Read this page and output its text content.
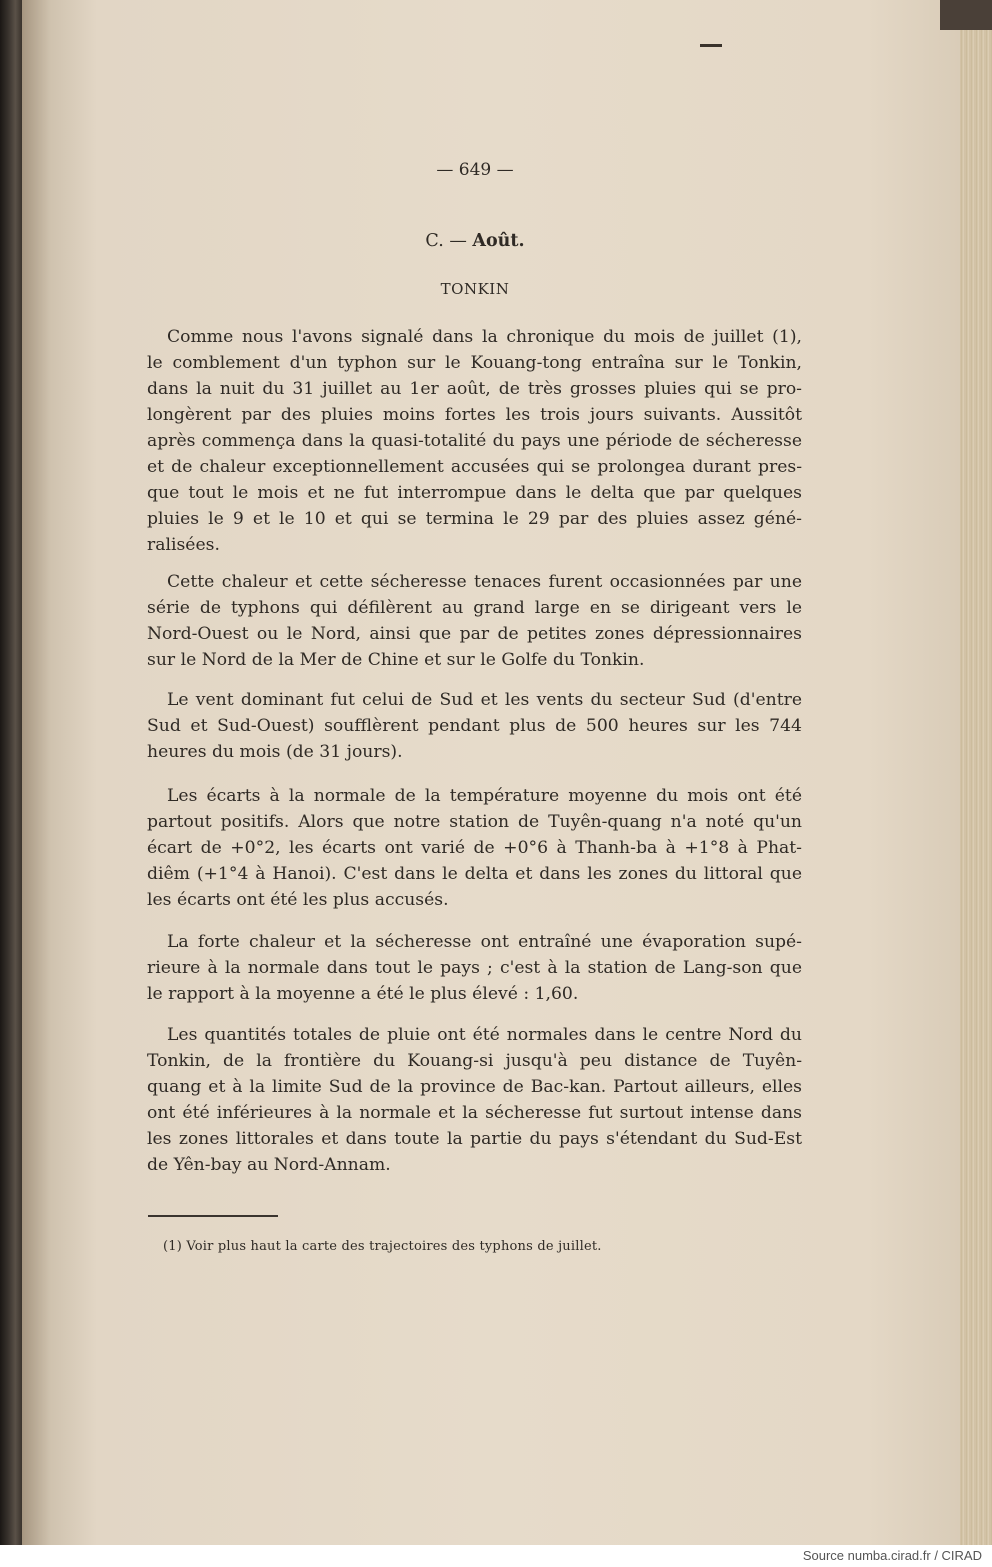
— 649 —
C. — Août.
TONKIN
Comme nous l'avons signalé dans la chronique du mois de juillet (1),
le comblement d'un typhon sur le Kouang-tong entraîna sur le Tonkin,
dans la nuit du 31 juillet au 1er août, de très grosses pluies qui se pro-
longèrent par des pluies moins fortes les trois jours suivants. Aussitôt
après commença dans la quasi-totalité du pays une période de sécheresse
et de chaleur exceptionnellement accusées qui se prolongea durant pres-
que tout le mois et ne fut interrompue dans le delta que par quelques
pluies le 9 et le 10 et qui se termina le 29 par des pluies assez géné-
ralisées.
Cette chaleur et cette sécheresse tenaces furent occasionnées par une
série de typhons qui défilèrent au grand large en se dirigeant vers le
Nord-Ouest ou le Nord, ainsi que par de petites zones dépressionnaires
sur le Nord de la Mer de Chine et sur le Golfe du Tonkin.
Le vent dominant fut celui de Sud et les vents du secteur Sud (d'entre
Sud et Sud-Ouest) soufflèrent pendant plus de 500 heures sur les 744
heures du mois (de 31 jours).
Les écarts à la normale de la température moyenne du mois ont été
partout positifs. Alors que notre station de Tuyên-quang n'a noté qu'un
écart de +0°2, les écarts ont varié de +0°6 à Thanh-ba à +1°8 à Phat-
diêm (+1°4 à Hanoi). C'est dans le delta et dans les zones du littoral que
les écarts ont été les plus accusés.
La forte chaleur et la sécheresse ont entraîné une évaporation supé-
rieure à la normale dans tout le pays ; c'est à la station de Lang-son que
le rapport à la moyenne a été le plus élevé : 1,60.
Les quantités totales de pluie ont été normales dans le centre Nord du
Tonkin, de la frontière du Kouang-si jusqu'à peu distance de Tuyên-
quang et à la limite Sud de la province de Bac-kan. Partout ailleurs, elles
ont été inférieures à la normale et la sécheresse fut surtout intense dans
les zones littorales et dans toute la partie du pays s'étendant du Sud-Est
de Yên-bay au Nord-Annam.
(1) Voir plus haut la carte des trajectoires des typhons de juillet.
Source numba.cirad.fr / CIRAD
